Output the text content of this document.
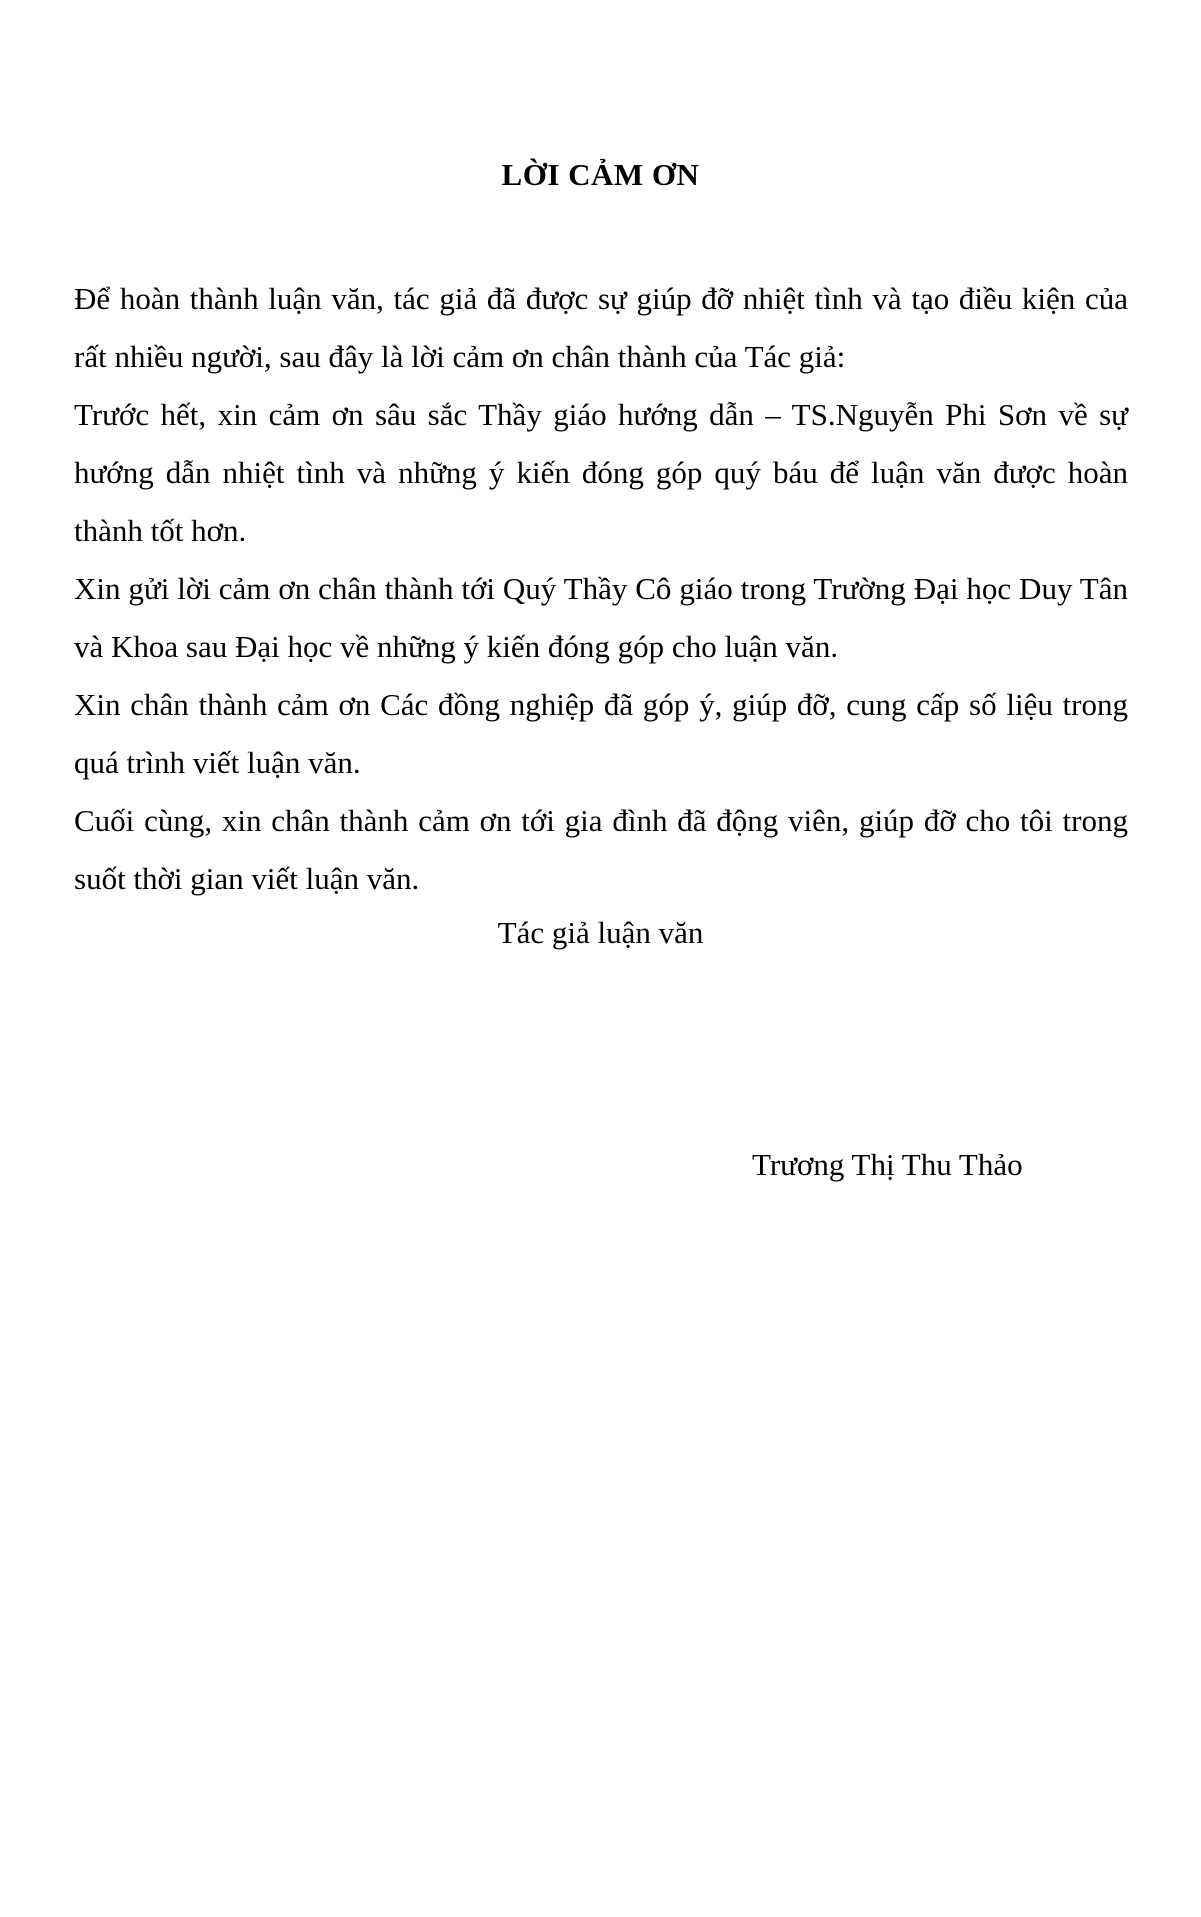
LỜI CẢM ƠN

Để hoàn thành luận văn, tác giả đã được sự giúp đỡ nhiệt tình và tạo điều kiện của rất nhiều người, sau đây là lời cảm ơn chân thành của Tác giả:

Trước hết, xin cảm ơn sâu sắc Thầy giáo hướng dẫn – TS.Nguyễn Phi Sơn về sự hướng dẫn nhiệt tình và những ý kiến đóng góp quý báu để luận văn được hoàn thành tốt hơn.

Xin gửi lời cảm ơn chân thành tới Quý Thầy Cô giáo trong Trường Đại học Duy Tân và Khoa sau Đại học về những ý kiến đóng góp cho luận văn.

Xin chân thành cảm ơn Các đồng nghiệp đã góp ý, giúp đỡ, cung cấp số liệu trong quá trình viết luận văn.

Cuối cùng, xin chân thành cảm ơn tới gia đình đã động viên, giúp đỡ cho tôi trong suốt thời gian viết luận văn.

Tác giả luận văn
Trương Thị Thu Thảo
